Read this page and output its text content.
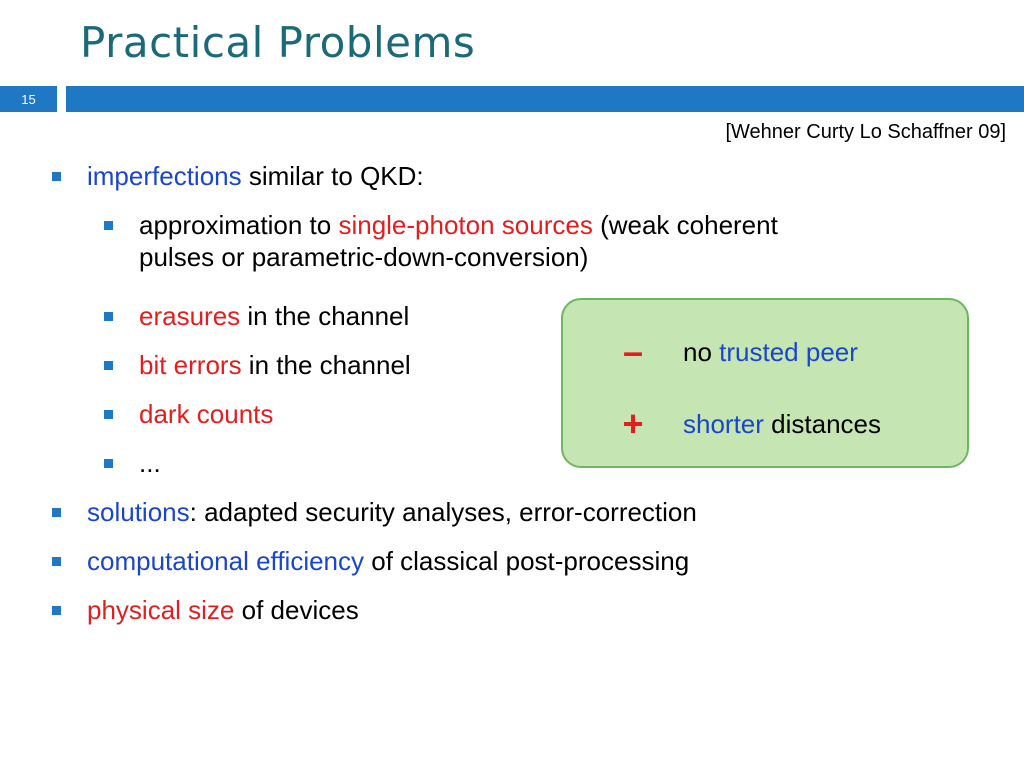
Practical Problems
15
[Wehner Curty Lo Schaffner 09]
imperfections similar to QKD:
approximation to single-photon sources (weak coherent
pulses or parametric-down-conversion)
erasures in the channel
bit errors in the channel
dark counts
...
solutions: adapted security analyses, error-correction
computational efficiency of classical post-processing
physical size of devices
–	no trusted peer
+	shorter distances
